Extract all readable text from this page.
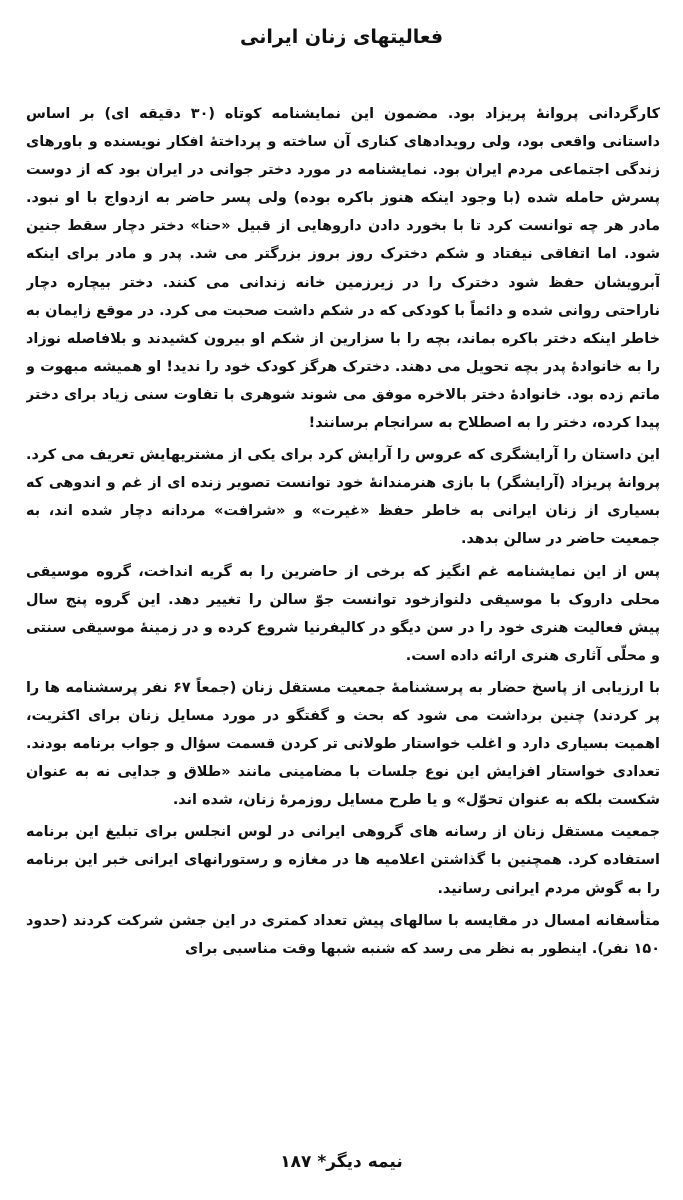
فعالیتهای زنان ایرانی

کارگردانی پروانهٔ پریزاد بود. مضمون این نمایشنامه کوتاه (۳۰ دقیقه ای) بر اساس داستانی واقعی بود، ولی رویدادهای کناری آن ساخته و پرداختهٔ افکار نویسنده و باورهای زندگی اجتماعی مردم ایران بود. نمایشنامه در مورد دختر جوانی در ایران بود که از دوست پسرش حامله شده (با وجود اینکه هنوز باکره بوده) ولی پسر حاضر به ازدواج با او نبود. مادر هر چه توانست کرد تا با بخورد دادن داروهایی از قبیل «حنا» دختر دچار سقط جنین شود. اما اتفاقی نیفتاد و شکم دخترک روز بروز بزرگتر می شد. پدر و مادر برای اینکه آبرویشان حفظ شود دخترک را در زیرزمین خانه زندانی می کنند. دختر بیچاره دچار ناراحتی روانی شده و دائماً با کودکی که در شکم داشت صحبت می کرد. در موقع زایمان به خاطر اینکه دختر باکره بماند، بچه را با سزارین از شکم او بیرون کشیدند و بلافاصله نوزاد را به خانوادهٔ پدر بچه تحویل می دهند. دخترک هرگز کودک خود را ندید! او همیشه مبهوت و ماتم زده بود. خانوادهٔ دختر بالاخره موفق می شوند شوهری با تفاوت سنی زیاد برای دختر پیدا کرده، دختر را به اصطلاح به سرانجام برسانند!

این داستان را آرایشگری که عروس را آرایش کرد برای یکی از مشتریهایش تعریف می کرد. پروانهٔ پریزاد (آرایشگر) با بازی هنرمندانهٔ خود توانست تصویر زنده ای از غم و اندوهی که بسیاری از زنان ایرانی به خاطر حفظ «غیرت» و «شرافت» مردانه دچار شده اند، به جمعیت حاضر در سالن بدهد.

پس از این نمایشنامه غم انگیز که برخی از حاضرین را به گریه انداخت، گروه موسیقی محلی داروک با موسیقی دلنوازخود توانست جوّ سالن را تغییر دهد. این گروه پنج سال پیش فعالیت هنری خود را در سن دیگو در کالیفرنیا شروع کرده و در زمینهٔ موسیقی سنتی و محلّی آثاری هنری ارائه داده است.

با ارزیابی از پاسخ حضار به پرسشنامهٔ جمعیت مستقل زنان (جمعاً ۶۷ نفر پرسشنامه ها را پر کردند) چنین برداشت می شود که بحث و گفتگو در مورد مسایل زنان برای اکثریت، اهمیت بسیاری دارد و اغلب خواستار طولانی تر کردن قسمت سؤال و جواب برنامه بودند. تعدادی خواستار افزایش این نوع جلسات با مضامینی مانند «طلاق و جدایی نه به عنوان شکست بلکه به عنوان تحوّل» و یا طرح مسایل روزمرهٔ زنان، شده اند.

جمعیت مستقل زنان از رسانه های گروهی ایرانی در لوس انجلس برای تبلیغ این برنامه استفاده کرد. همچنین با گذاشتن اعلامیه ها در مغازه و رستورانهای ایرانی خبر این برنامه را به گوش مردم ایرانی رسانید.

متأسفانه امسال در مقایسه با سالهای پیش تعداد کمتری در این جشن شرکت کردند (حدود ۱۵۰ نفر). اینطور به نظر می رسد که شنبه شبها وقت مناسبی برای

نیمه دیگر* ۱۸۷
